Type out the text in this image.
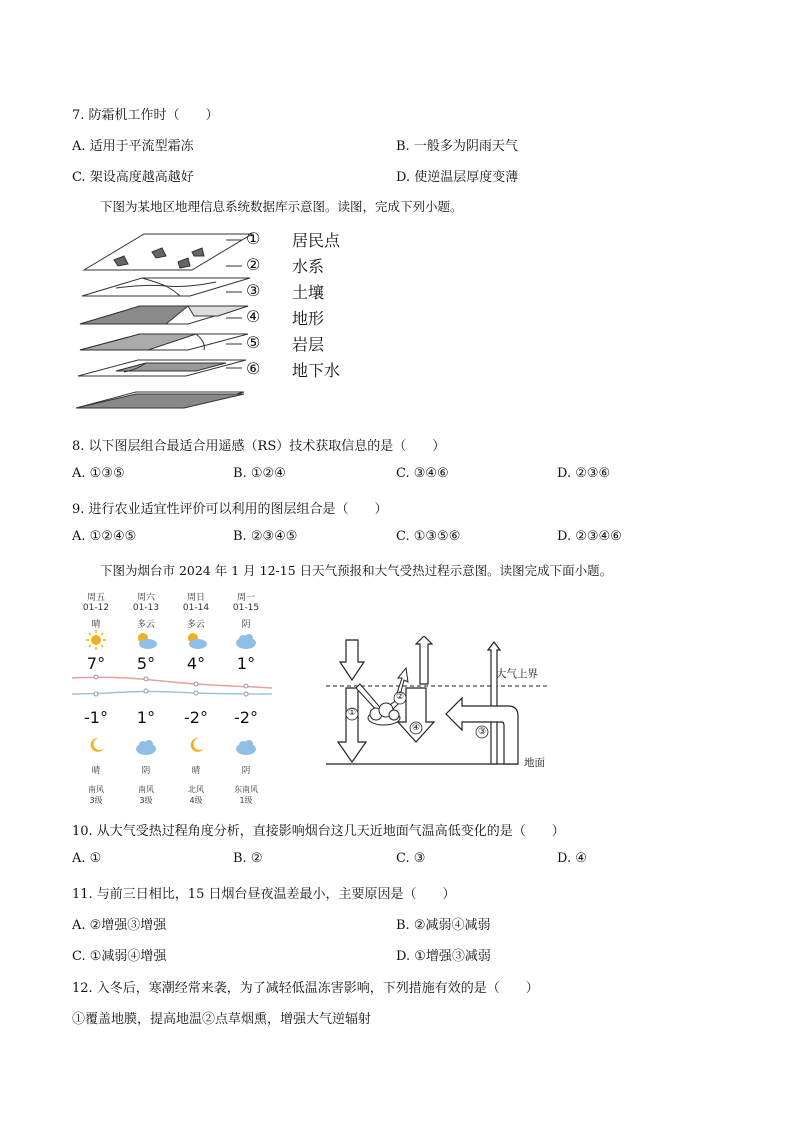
7. 防霜机工作时（　　）
A. 适用于平流型霜冻	B. 一般多为阴雨天气
C. 架设高度越高越好	D. 使逆温层厚度变薄
下图为某地区地理信息系统数据库示意图。读图，完成下列小题。
① 居民点
② 水系
③ 土壤
④ 地形
⑤ 岩层
⑥ 地下水
8. 以下图层组合最适合用遥感（RS）技术获取信息的是（　　）
A. ①③⑤	B. ①②④	C. ③④⑥	D. ②③⑥
9. 进行农业适宜性评价可以利用的图层组合是（　　）
A. ①②④⑤	B. ②③④⑤	C. ①③⑤⑥	D. ②③④⑥
下图为烟台市 2024 年 1 月 12-15 日天气预报和大气受热过程示意图。读图完成下面小题。
周五	周六	周日	周一
01-12	01-13	01-14	01-15
晴	多云	多云	阴
7°	5°	4°	1°
-1°	1°	-2°	-2°
晴	阴	晴	阴
南风	南风	北风	东南风
3级	3级	4级	1级
①
②
③
④
大气上界
地面
10. 从大气受热过程角度分析，直接影响烟台这几天近地面气温高低变化的是（　　）
A. ①	B. ②	C. ③	D. ④
11. 与前三日相比，15 日烟台昼夜温差最小，主要原因是（　　）
A. ②增强③增强	B. ②减弱④减弱
C. ①减弱④增强	D. ①增强③减弱
12. 入冬后，寒潮经常来袭，为了减轻低温冻害影响，下列措施有效的是（　　）
①覆盖地膜，提高地温②点草烟熏，增强大气逆辐射
